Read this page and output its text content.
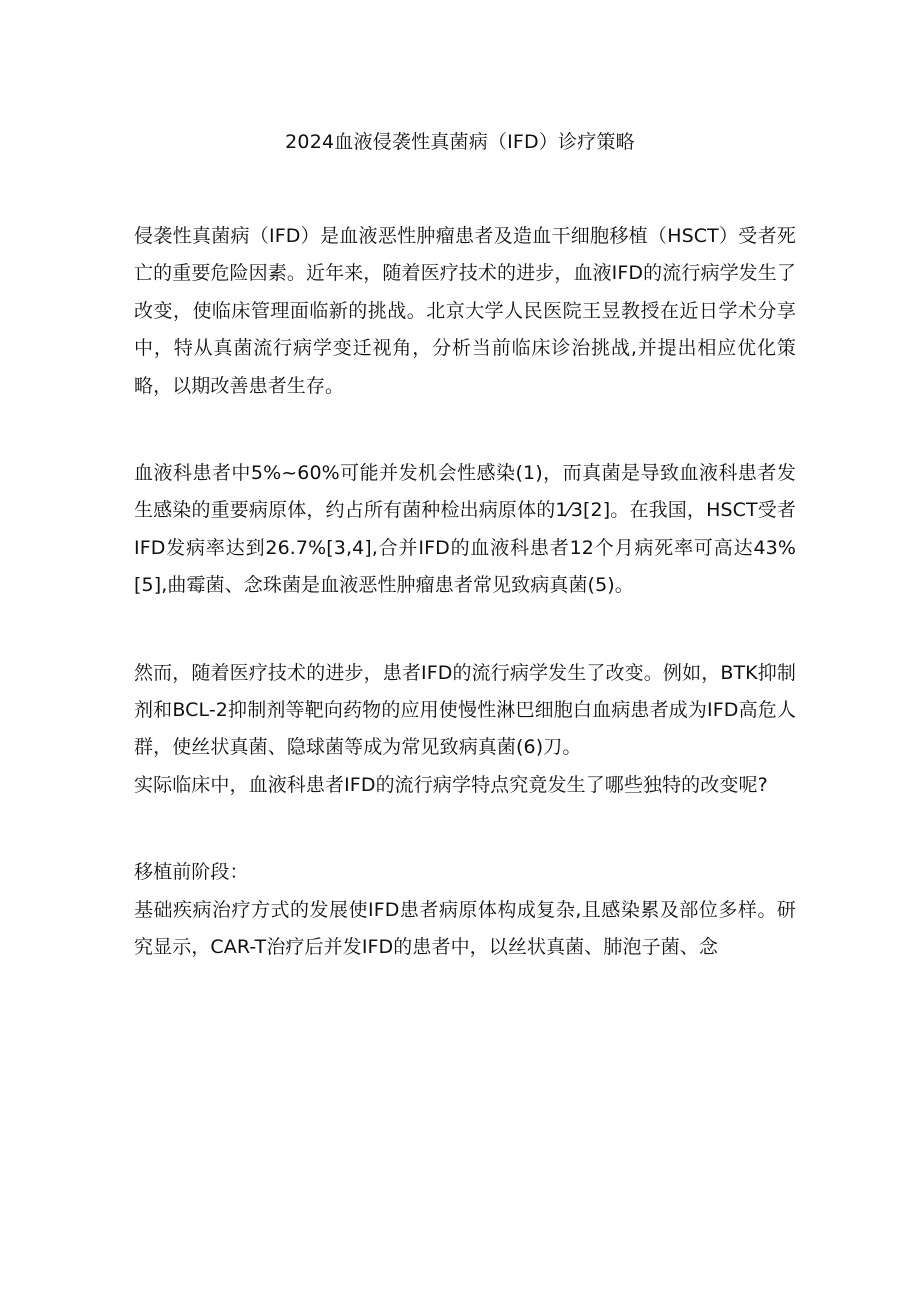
2024血液侵袭性真菌病（IFD）诊疗策略

侵袭性真菌病（IFD）是血液恶性肿瘤患者及造血干细胞移植（HSCT）受者死亡的重要危险因素。近年来，随着医疗技术的进步，血液IFD的流行病学发生了改变，使临床管理面临新的挑战。北京大学人民医院王昱教授在近日学术分享中，特从真菌流行病学变迁视角，分析当前临床诊治挑战,并提出相应优化策略，以期改善患者生存。

血液科患者中5%~60%可能并发机会性感染(1)，而真菌是导致血液科患者发生感染的重要病原体，约占所有菌种检出病原体的1⁄3[2]。在我国，HSCT受者IFD发病率达到26.7%[3,4],合并IFD的血液科患者12个月病死率可高达43%[5],曲霉菌、念珠菌是血液恶性肿瘤患者常见致病真菌(5)。

然而，随着医疗技术的进步，患者IFD的流行病学发生了改变。例如，BTK抑制剂和BCL-2抑制剂等靶向药物的应用使慢性淋巴细胞白血病患者成为IFD高危人群，使丝状真菌、隐球菌等成为常见致病真菌(6)刀。

实际临床中，血液科患者IFD的流行病学特点究竟发生了哪些独特的改变呢?

移植前阶段：

基础疾病治疗方式的发展使IFD患者病原体构成复杂,且感染累及部位多样。研究显示，CAR-T治疗后并发IFD的患者中，以丝状真菌、肺泡子菌、念
